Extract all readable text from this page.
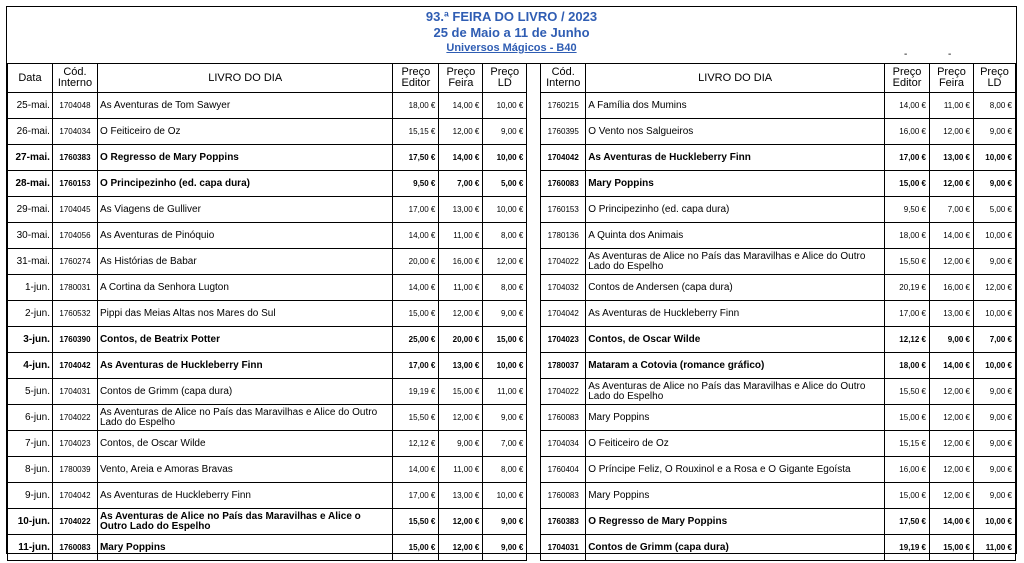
93.ª FEIRA DO LIVRO / 2023
25 de Maio a 11 de Junho
Universos Mágicos - B40
-	-
Data	Cód. Interno	LIVRO DO DIA	Preço Editor	Preço Feira	Preço LD		Cód. Interno	LIVRO DO DIA	Preço Editor	Preço Feira	Preço LD
25-mai.	1704048	As Aventuras de Tom Sawyer	18,00 €	14,00 €	10,00 €		1760215	A Família dos Mumins	14,00 €	11,00 €	8,00 €
26-mai.	1704034	O Feiticeiro de Oz	15,15 €	12,00 €	9,00 €		1760395	O Vento nos Salgueiros	16,00 €	12,00 €	9,00 €
27-mai.	1760383	O Regresso de Mary Poppins	17,50 €	14,00 €	10,00 €		1704042	As Aventuras de Huckleberry Finn	17,00 €	13,00 €	10,00 €
28-mai.	1760153	O Principezinho (ed. capa dura)	9,50 €	7,00 €	5,00 €		1760083	Mary Poppins	15,00 €	12,00 €	9,00 €
29-mai.	1704045	As Viagens de Gulliver	17,00 €	13,00 €	10,00 €		1760153	O Principezinho (ed. capa dura)	9,50 €	7,00 €	5,00 €
30-mai.	1704056	As Aventuras de Pinóquio	14,00 €	11,00 €	8,00 €		1780136	A Quinta dos Animais	18,00 €	14,00 €	10,00 €
31-mai.	1760274	As Histórias de Babar	20,00 €	16,00 €	12,00 €		1704022	As Aventuras de Alice no País das Maravilhas e Alice do Outro Lado do Espelho	15,50 €	12,00 €	9,00 €
1-jun.	1780031	A Cortina da Senhora Lugton	14,00 €	11,00 €	8,00 €		1704032	Contos de Andersen (capa dura)	20,19 €	16,00 €	12,00 €
2-jun.	1760532	Pippi das Meias Altas nos Mares do Sul	15,00 €	12,00 €	9,00 €		1704042	As Aventuras de Huckleberry Finn	17,00 €	13,00 €	10,00 €
3-jun.	1760390	Contos, de Beatrix Potter	25,00 €	20,00 €	15,00 €		1704023	Contos, de Oscar Wilde	12,12 €	9,00 €	7,00 €
4-jun.	1704042	As Aventuras de Huckleberry Finn	17,00 €	13,00 €	10,00 €		1780037	Mataram a Cotovia (romance gráfico)	18,00 €	14,00 €	10,00 €
5-jun.	1704031	Contos de Grimm (capa dura)	19,19 €	15,00 €	11,00 €		1704022	As Aventuras de Alice no País das Maravilhas e Alice do Outro Lado do Espelho	15,50 €	12,00 €	9,00 €
6-jun.	1704022	As Aventuras de Alice no País das Maravilhas e Alice do Outro Lado do Espelho	15,50 €	12,00 €	9,00 €		1760083	Mary Poppins	15,00 €	12,00 €	9,00 €
7-jun.	1704023	Contos, de Oscar Wilde	12,12 €	9,00 €	7,00 €		1704034	O Feiticeiro de Oz	15,15 €	12,00 €	9,00 €
8-jun.	1780039	Vento, Areia e Amoras Bravas	14,00 €	11,00 €	8,00 €		1760404	O Príncipe Feliz, O Rouxinol e a Rosa e O Gigante Egoísta	16,00 €	12,00 €	9,00 €
9-jun.	1704042	As Aventuras de Huckleberry Finn	17,00 €	13,00 €	10,00 €		1760083	Mary Poppins	15,00 €	12,00 €	9,00 €
10-jun.	1704022	As Aventuras de Alice no País das Maravilhas e Alice o Outro Lado do Espelho	15,50 €	12,00 €	9,00 €		1760383	O Regresso de Mary Poppins	17,50 €	14,00 €	10,00 €
11-jun.	1760083	Mary Poppins	15,00 €	12,00 €	9,00 €		1704031	Contos de Grimm (capa dura)	19,19 €	15,00 €	11,00 €
